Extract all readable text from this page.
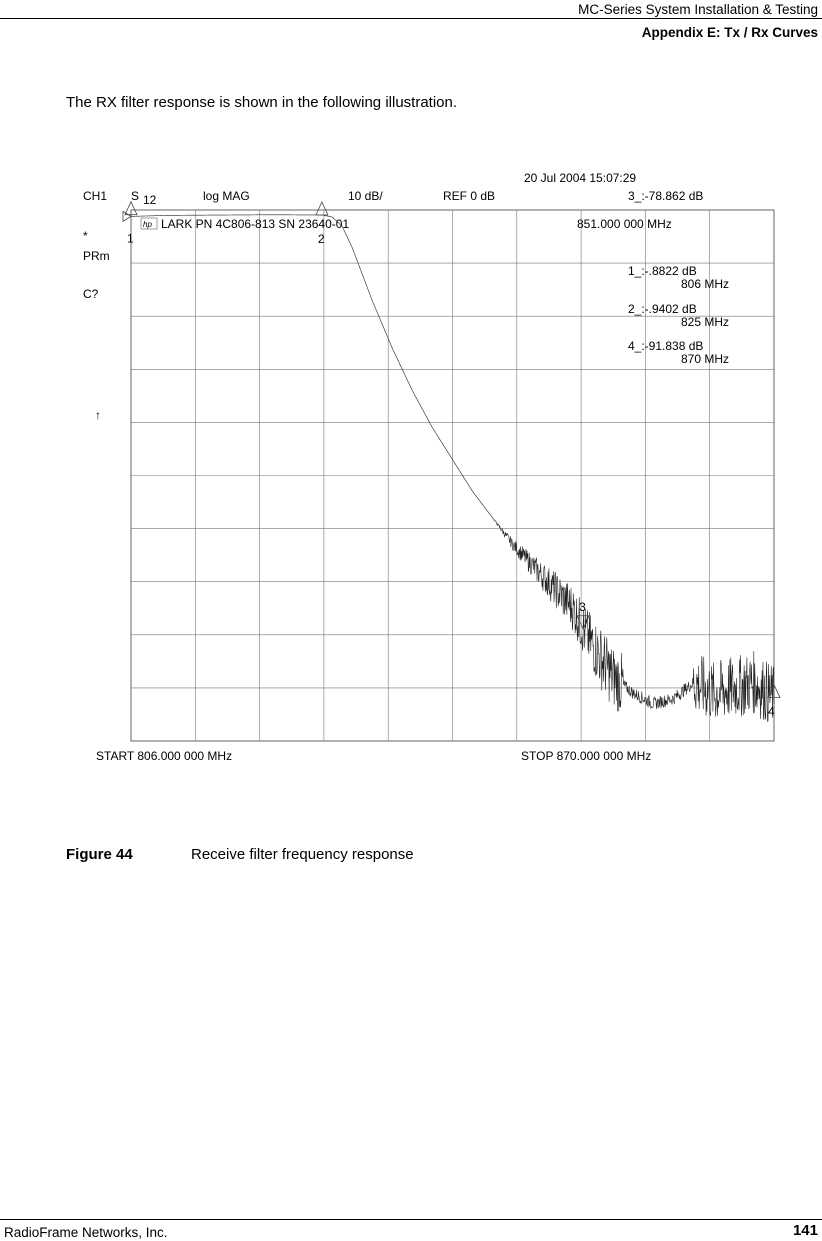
MC-Series System Installation & Testing
Appendix E: Tx / Rx Curves
The RX filter response is shown in the following illustration.
1	2
3
4
20 Jul 2004 15:07:29
CH1 S 12	log MAG	10 dB/	REF 0 dB	3_:-78.862 dB
hp LARK PN 4C806-813 SN 23640-01	851.000 000 MHz
*
PRm
C?
↑
1_:-.8822 dB
806 MHz
2_:-.9402 dB
825 MHz
4_:-91.838 dB
870 MHz
START 806.000 000 MHz	STOP 870.000 000 MHz
Figure 44	Receive filter frequency response
RadioFrame Networks, Inc.	141
